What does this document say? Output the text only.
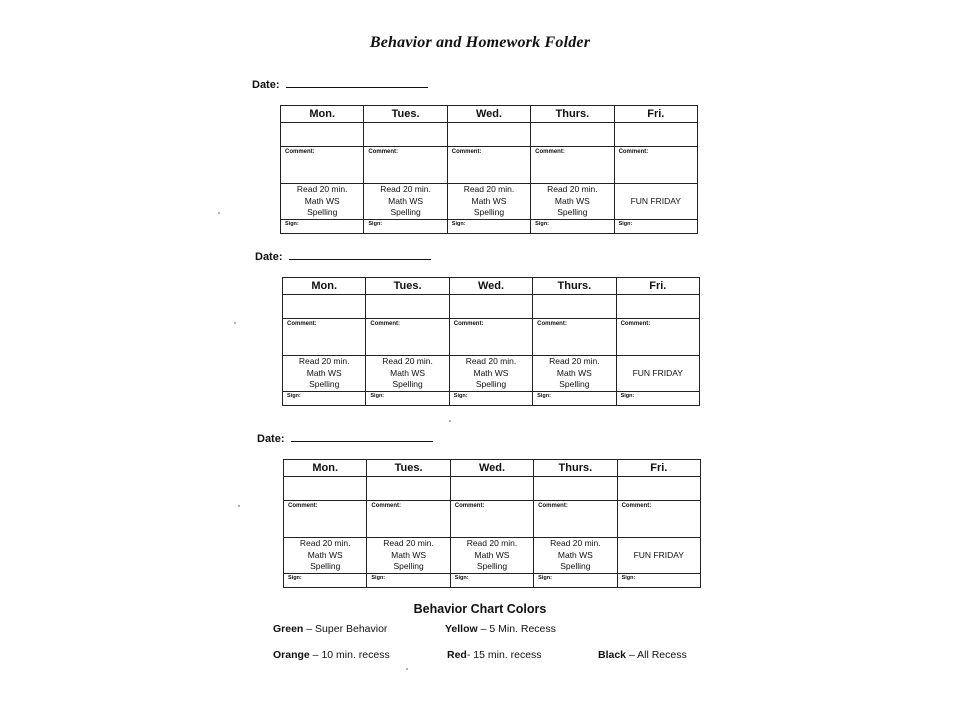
Behavior and Homework Folder
Date:
Mon.	Tues.	Wed.	Thurs.	Fri.

Comment:	Comment:	Comment:	Comment:	Comment:

Read 20 min.
Math WS
Spelling	Read 20 min.
Math WS
Spelling	Read 20 min.
Math WS
Spelling	Read 20 min.
Math WS
Spelling	FUN FRIDAY

Sign:	Sign:	Sign:	Sign:	Sign:
Date:
Mon.	Tues.	Wed.	Thurs.	Fri.

Comment:	Comment:	Comment:	Comment:	Comment:

Read 20 min.
Math WS
Spelling	Read 20 min.
Math WS
Spelling	Read 20 min.
Math WS
Spelling	Read 20 min.
Math WS
Spelling	FUN FRIDAY

Sign:	Sign:	Sign:	Sign:	Sign:
Date:
Mon.	Tues.	Wed.	Thurs.	Fri.

Comment:	Comment:	Comment:	Comment:	Comment:

Read 20 min.
Math WS
Spelling	Read 20 min.
Math WS
Spelling	Read 20 min.
Math WS
Spelling	Read 20 min.
Math WS
Spelling	FUN FRIDAY

Sign:	Sign:	Sign:	Sign:	Sign:
Behavior Chart Colors
Green – Super Behavior	Yellow – 5 Min. Recess
Orange – 10 min. recess	Red- 15 min. recess	Black – All Recess
